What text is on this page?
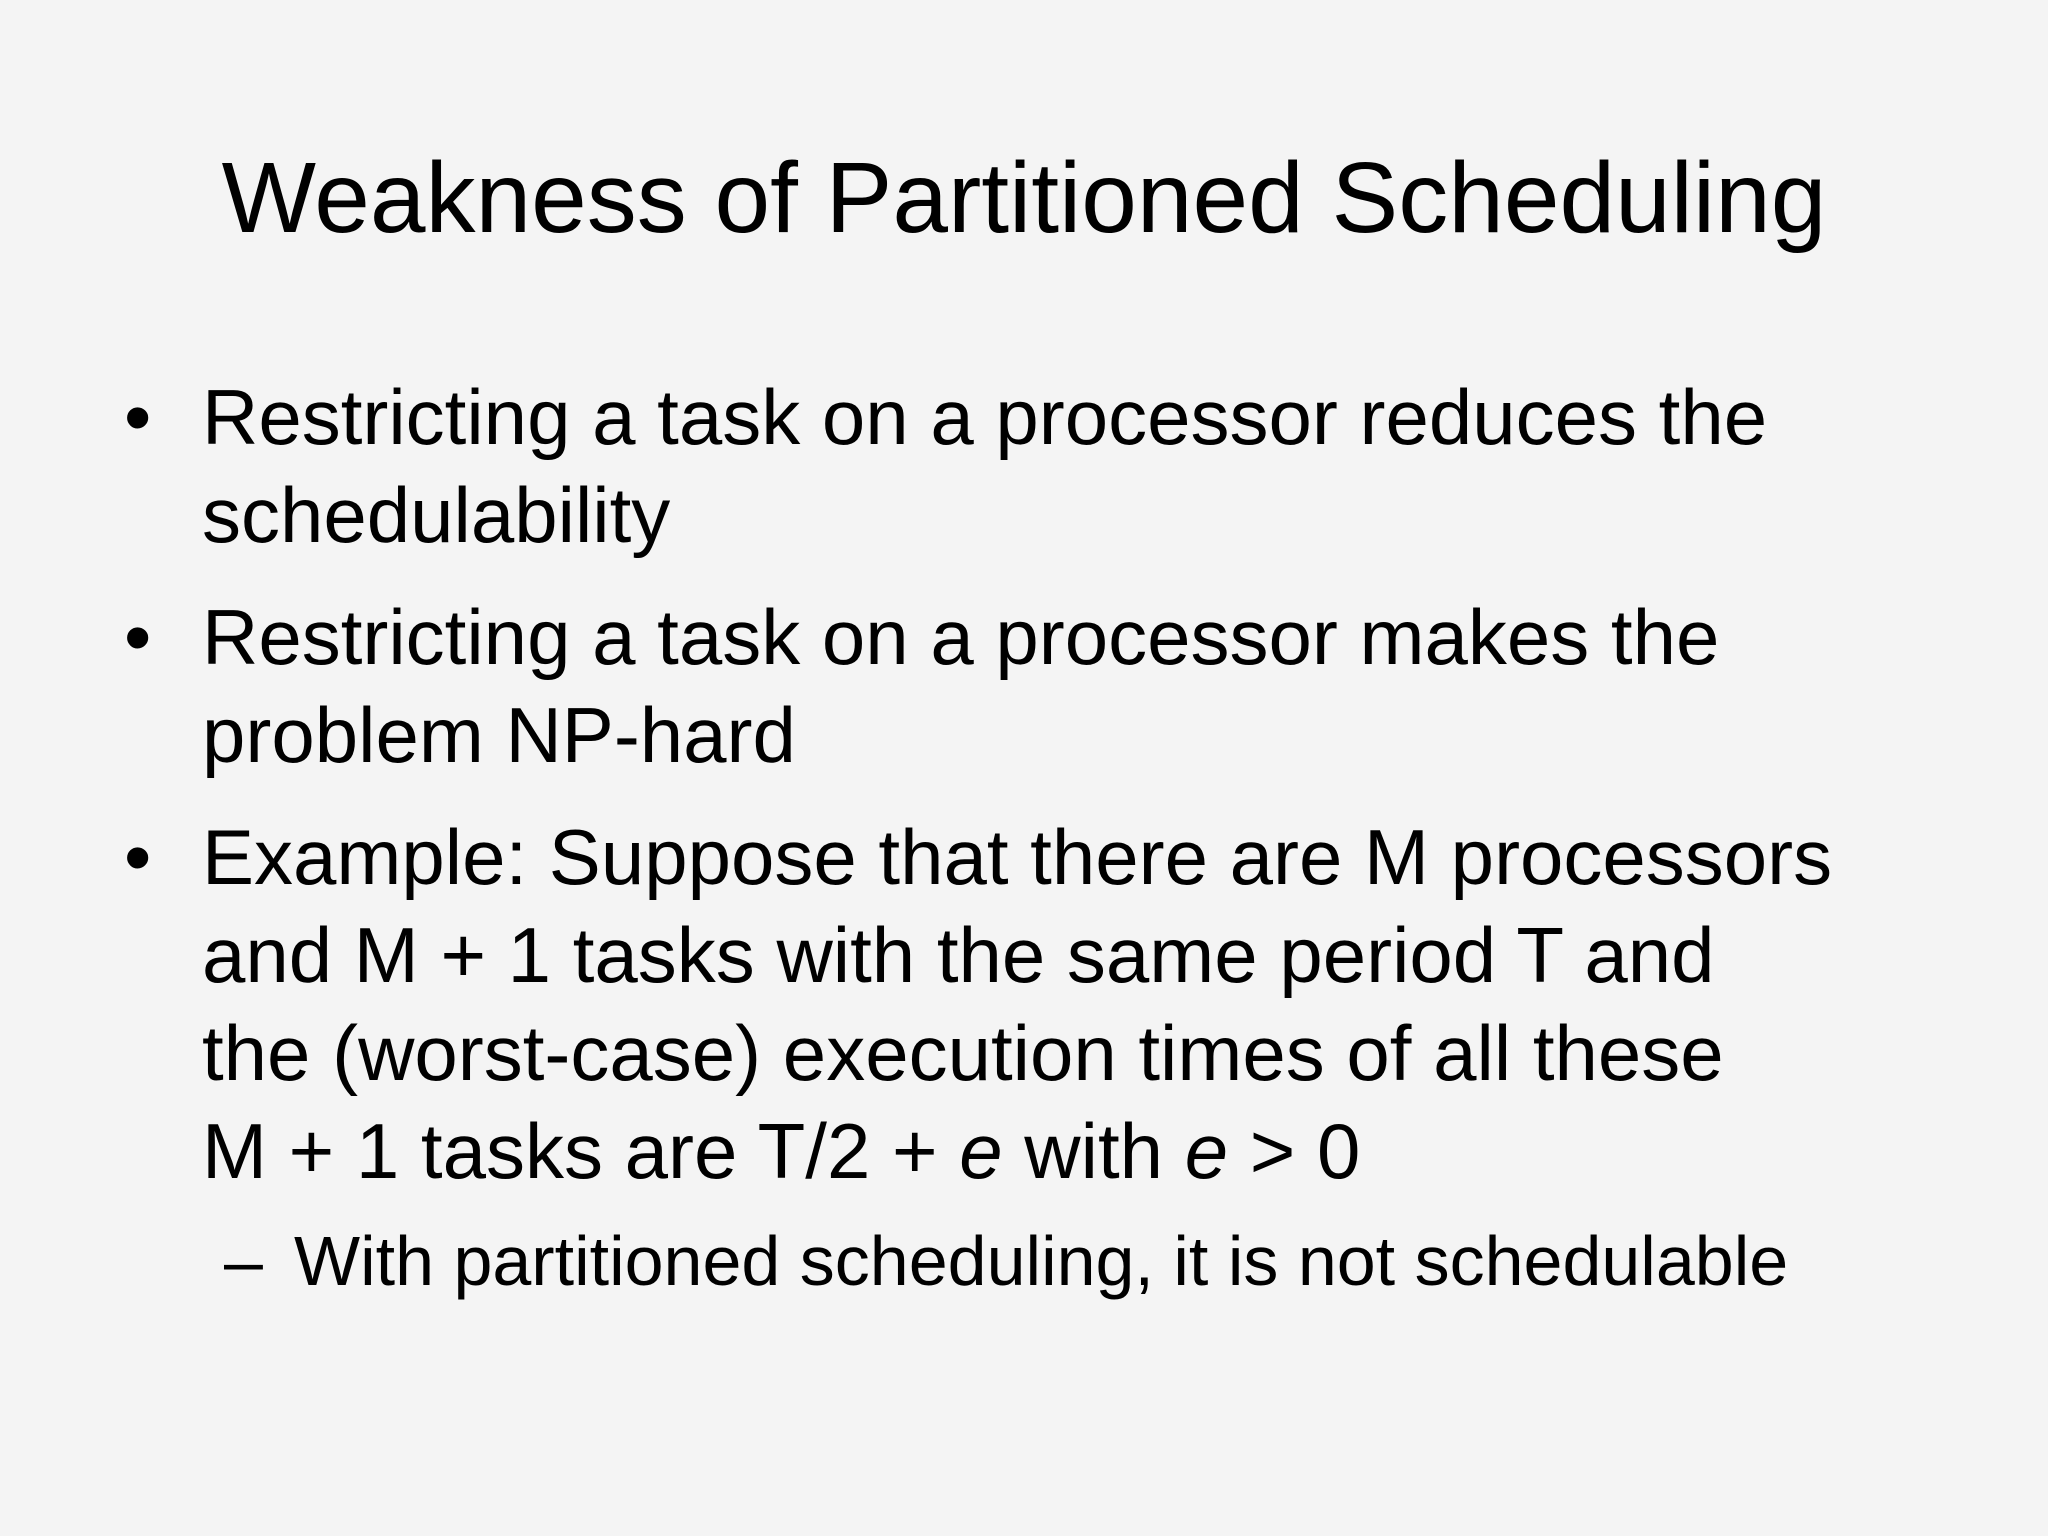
Weakness of Partitioned Scheduling
• Restricting a task on a processor reduces the
schedulability
• Restricting a task on a processor makes the
problem NP-hard
• Example: Suppose that there are M processors
and M + 1 tasks with the same period T and
the (worst-case) execution times of all these
M + 1 tasks are T/2 + e with e > 0
– With partitioned scheduling, it is not schedulable
